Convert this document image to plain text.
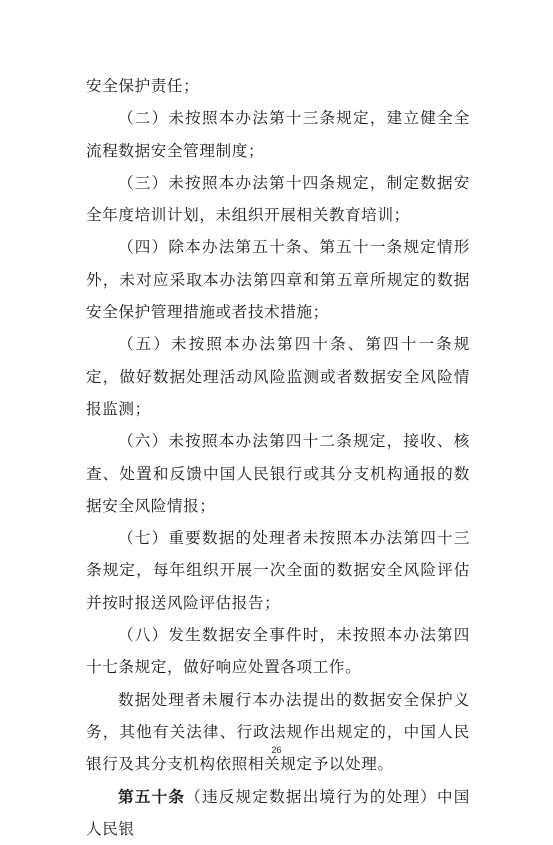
安全保护责任；

（二）未按照本办法第十三条规定，建立健全全流程数据安全管理制度；

（三）未按照本办法第十四条规定，制定数据安全年度培训计划，未组织开展相关教育培训；

（四）除本办法第五十条、第五十一条规定情形外，未对应采取本办法第四章和第五章所规定的数据安全保护管理措施或者技术措施；

（五）未按照本办法第四十条、第四十一条规定，做好数据处理活动风险监测或者数据安全风险情报监测；

（六）未按照本办法第四十二条规定，接收、核查、处置和反馈中国人民银行或其分支机构通报的数据安全风险情报；

（七）重要数据的处理者未按照本办法第四十三条规定，每年组织开展一次全面的数据安全风险评估并按时报送风险评估报告；

（八）发生数据安全事件时，未按照本办法第四十七条规定，做好响应处置各项工作。

数据处理者未履行本办法提出的数据安全保护义务，其他有关法律、行政法规作出规定的，中国人民银行及其分支机构依照相关规定予以处理。

第五十条（违反规定数据出境行为的处理）中国人民银

26
